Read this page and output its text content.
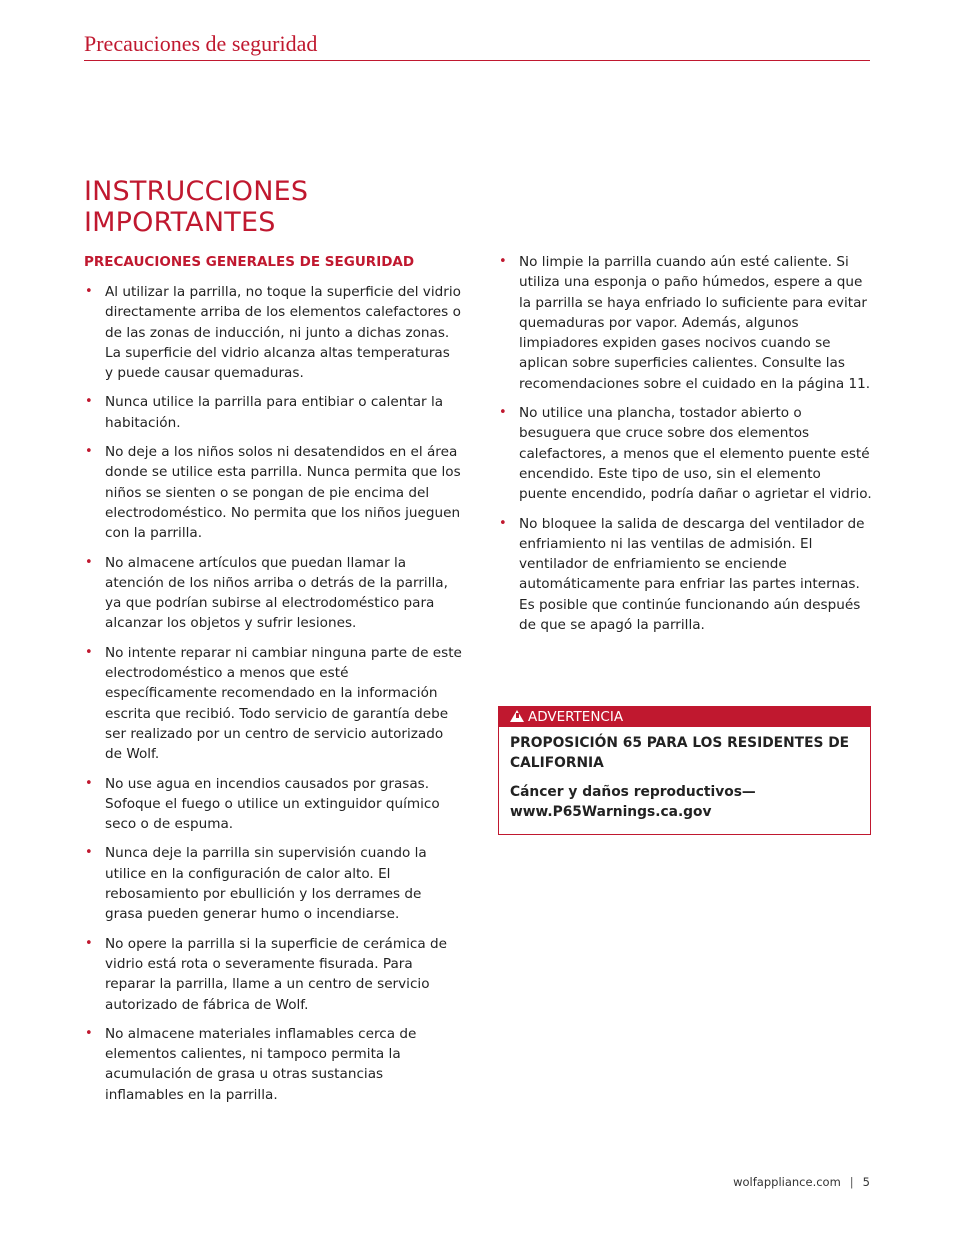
Precauciones de seguridad
INSTRUCCIONES
IMPORTANTES
PRECAUCIONES GENERALES DE SEGURIDAD
• Al utilizar la parrilla, no toque la superficie del vidrio directamente arriba de los elementos calefactores o de las zonas de inducción, ni junto a dichas zonas. La superficie del vidrio alcanza altas temperaturas y puede causar quemaduras.
• Nunca utilice la parrilla para entibiar o calentar la habitación.
• No deje a los niños solos ni desatendidos en el área donde se utilice esta parrilla. Nunca permita que los niños se sienten o se pongan de pie encima del electrodoméstico. No permita que los niños jueguen con la parrilla.
• No almacene artículos que puedan llamar la atención de los niños arriba o detrás de la parrilla, ya que podrían subirse al electrodoméstico para alcanzar los objetos y sufrir lesiones.
• No intente reparar ni cambiar ninguna parte de este electrodoméstico a menos que esté específicamente recomendado en la información escrita que recibió. Todo servicio de garantía debe ser realizado por un centro de servicio autorizado de Wolf.
• No use agua en incendios causados por grasas. Sofoque el fuego o utilice un extinguidor químico seco o de espuma.
• Nunca deje la parrilla sin supervisión cuando la utilice en la configuración de calor alto. El rebosamiento por ebullición y los derrames de grasa pueden generar humo o incendiarse.
• No opere la parrilla si la superficie de cerámica de vidrio está rota o severamente fisurada. Para reparar la parrilla, llame a un centro de servicio autorizado de fábrica de Wolf.
• No almacene materiales inflamables cerca de elementos calientes, ni tampoco permita la acumulación de grasa u otras sustancias inflamables en la parrilla.
• No limpie la parrilla cuando aún esté caliente. Si utiliza una esponja o paño húmedos, espere a que la parrilla se haya enfriado lo suficiente para evitar quemaduras por vapor. Además, algunos limpiadores expiden gases nocivos cuando se aplican sobre superficies calientes. Consulte las recomendaciones sobre el cuidado en la página 11.
• No utilice una plancha, tostador abierto o besuguera que cruce sobre dos elementos calefactores, a menos que el elemento puente esté encendido. Este tipo de uso, sin el elemento puente encendido, podría dañar o agrietar el vidrio.
• No bloquee la salida de descarga del ventilador de enfriamiento ni las ventilas de admisión. El ventilador de enfriamiento se enciende automáticamente para enfriar las partes internas. Es posible que continúe funcionando aún después de que se apagó la parrilla.
ADVERTENCIA

PROPOSICIÓN 65 PARA LOS RESIDENTES DE CALIFORNIA

Cáncer y daños reproductivos— www.P65Warnings.ca.gov

wolfappliance.com | 5
